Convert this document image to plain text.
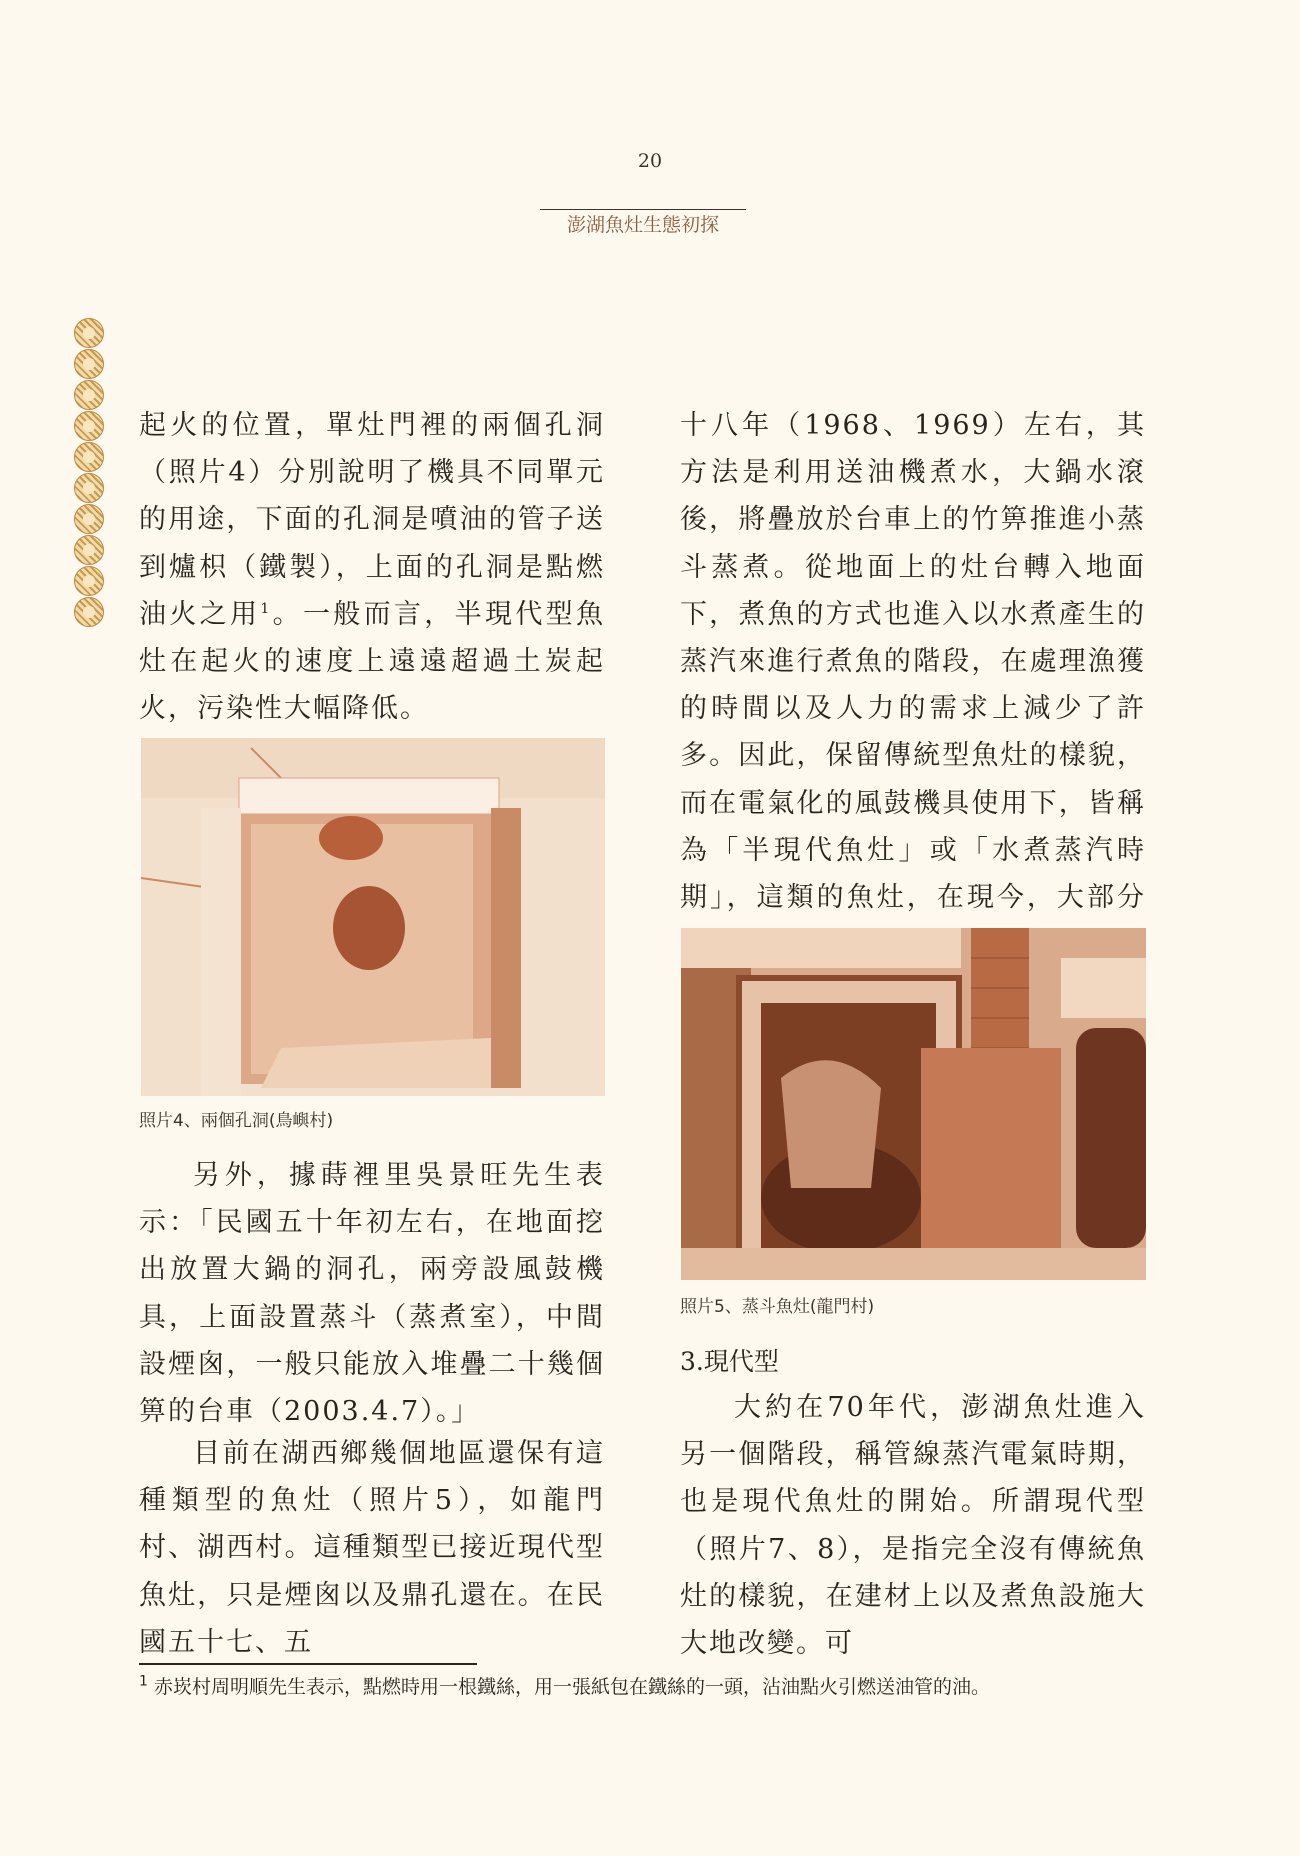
20
澎湖魚灶生態初探

起火的位置，單灶門裡的兩個孔洞（照片4）分別說明了機具不同單元的用途，下面的孔洞是噴油的管子送到爐枳（鐵製），上面的孔洞是點燃油火之用$^1$。一般而言，半現代型魚灶在起火的速度上遠遠超過土炭起火，污染性大幅降低。

照片4、兩個孔洞(鳥嶼村)

另外，據蒔裡里吳景旺先生表示：「民國五十年初左右，在地面挖出放置大鍋的洞孔，兩旁設風鼓機具，上面設置蒸斗（蒸煮室），中間設煙囪，一般只能放入堆疊二十幾個箅的台車（2003.4.7）。」

目前在湖西鄉幾個地區還保有這種類型的魚灶（照片5），如龍門村、湖西村。這種類型已接近現代型魚灶，只是煙囪以及鼎孔還在。在民國五十七、五

十八年（1968、1969）左右，其方法是利用送油機煮水，大鍋水滾後，將疊放於台車上的竹箅推進小蒸斗蒸煮。從地面上的灶台轉入地面下，煮魚的方式也進入以水煮產生的蒸汽來進行煮魚的階段，在處理漁獲的時間以及人力的需求上減少了許多。因此，保留傳統型魚灶的樣貌，而在電氣化的風鼓機具使用下，皆稱為「半現代魚灶」或「水煮蒸汽時期」，這類的魚灶，在現今，大部分

照片5、蒸斗魚灶(龍門村)
3.現代型

大約在70年代，澎湖魚灶進入另一個階段，稱管線蒸汽電氣時期，也是現代魚灶的開始。所謂現代型（照片7、8），是指完全沒有傳統魚灶的樣貌，在建材上以及煮魚設施大大地改變。可

$^1$ 赤崁村周明順先生表示，點燃時用一根鐵絲，用一張紙包在鐵絲的一頭，沾油點火引燃送油管的油。
